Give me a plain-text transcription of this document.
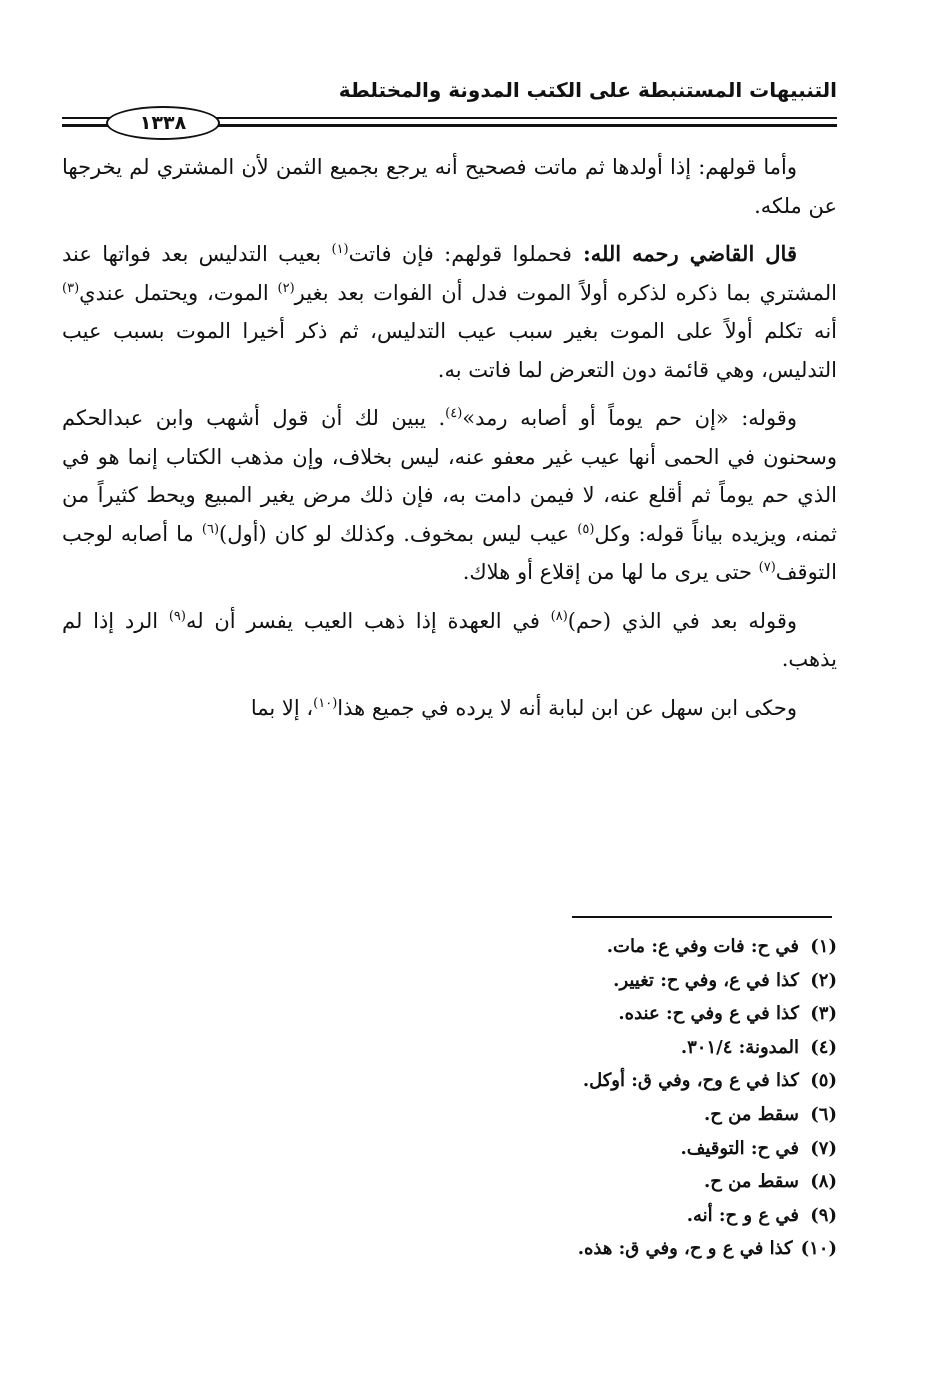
التنبيهات المستنبطة على الكتب المدونة والمختلطة
١٣٣٨

وأما قولهم: إذا أولدها ثم ماتت فصحيح أنه يرجع بجميع الثمن لأن المشتري لم يخرجها عن ملكه.

قال القاضي رحمه الله: فحملوا قولهم: فإن فاتت$^{(١)}$ بعيب التدليس بعد فواتها عند المشتري بما ذكره لذكره أولاً الموت فدل أن الفوات بعد بغير$^{(٢)}$ الموت، ويحتمل عندي$^{(٣)}$ أنه تكلم أولاً على الموت بغير سبب عيب التدليس، ثم ذكر أخيرا الموت بسبب عيب التدليس، وهي قائمة دون التعرض لما فاتت به.

وقوله: «إن حم يوماً أو أصابه رمد»$^{(٤)}$. يبين لك أن قول أشهب وابن عبدالحكم وسحنون في الحمى أنها عيب غير معفو عنه، ليس بخلاف، وإن مذهب الكتاب إنما هو في الذي حم يوماً ثم أقلع عنه، لا فيمن دامت به، فإن ذلك مرض يغير المبيع ويحط كثيراً من ثمنه، ويزيده بياناً قوله: وكل$^{(٥)}$ عيب ليس بمخوف. وكذلك لو كان (أول)$^{(٦)}$ ما أصابه لوجب التوقف$^{(٧)}$ حتى يرى ما لها من إقلاع أو هلاك.

وقوله بعد في الذي (حم)$^{(٨)}$ في العهدة إذا ذهب العيب يفسر أن له$^{(٩)}$ الرد إذا لم يذهب.

وحكى ابن سهل عن ابن لبابة أنه لا يرده في جميع هذا$^{(١٠)}$، إلا بما

(١)
في ح: فات وفي ع: مات.
(٢)
كذا في ع، وفي ح: تغيير.
(٣)
كذا في ع وفي ح: عنده.
(٤)
المدونة: ٣٠١/٤.
(٥)
كذا في ع وح، وفي ق: أوكل.
(٦)
سقط من ح.
(٧)
في ح: التوقيف.
(٨)
سقط من ح.
(٩)
في ع و ح: أنه.
(١٠)
كذا في ع و ح، وفي ق: هذه.
